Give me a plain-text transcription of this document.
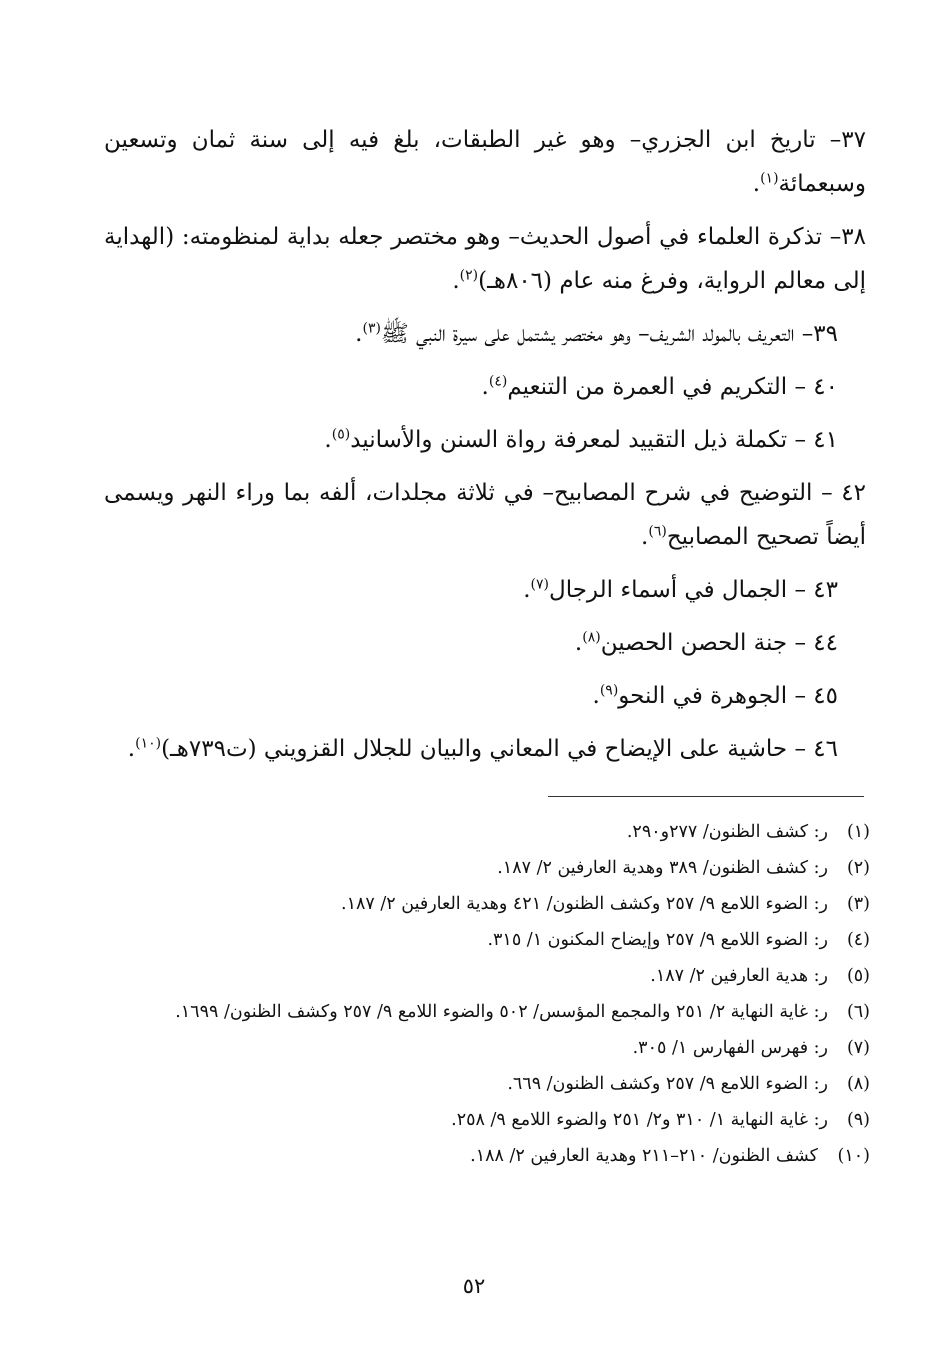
٣٧– تاريخ ابن الجزري– وهو غير الطبقات، بلغ فيه إلى سنة ثمان وتسعين وسبعمائة$^{(١)}$.

٣٨– تذكرة العلماء في أصول الحديث– وهو مختصر جعله بداية لمنظومته: (الهداية إلى معالم الرواية، وفرغ منه عام (٨٠٦هـ)$^{(٢)}$.

٣٩– التعريف بالمولد الشريف– وهو مختصر يشتمل على سيرة النبي ﷺ$^{(٣)}$.

٤٠ – التكريم في العمرة من التنعيم$^{(٤)}$.

٤١ – تكملة ذيل التقييد لمعرفة رواة السنن والأسانيد$^{(٥)}$.

٤٢ – التوضيح في شرح المصابيح– في ثلاثة مجلدات، ألفه بما وراء النهر ويسمى أيضاً تصحيح المصابيح$^{(٦)}$.

٤٣ – الجمال في أسماء الرجال$^{(٧)}$.

٤٤ – جنة الحصن الحصين$^{(٨)}$.

٤٥ – الجوهرة في النحو$^{(٩)}$.

٤٦ – حاشية على الإيضاح في المعاني والبيان للجلال القزويني (ت٧٣٩هـ)$^{(١٠)}$.

(١)
ر: كشف الظنون/ ٢٧٧و٢٩٠.
(٢)
ر: كشف الظنون/ ٣٨٩ وهدية العارفين ٢/ ١٨٧.
(٣)
ر: الضوء اللامع ٩/ ٢٥٧ وكشف الظنون/ ٤٢١ وهدية العارفين ٢/ ١٨٧.
(٤)
ر: الضوء اللامع ٩/ ٢٥٧ وإيضاح المكنون ١/ ٣١٥.
(٥)
ر: هدية العارفين ٢/ ١٨٧.
(٦)
ر: غاية النهاية ٢/ ٢٥١ والمجمع المؤسس/ ٥٠٢ والضوء اللامع ٩/ ٢٥٧ وكشف الظنون/ ١٦٩٩.
(٧)
ر: فهرس الفهارس ١/ ٣٠٥.
(٨)
ر: الضوء اللامع ٩/ ٢٥٧ وكشف الظنون/ ٦٦٩.
(٩)
ر: غاية النهاية ١/ ٣١٠ و٢/ ٢٥١ والضوء اللامع ٩/ ٢٥٨.
(١٠)
كشف الظنون/ ٢١٠–٢١١ وهدية العارفين ٢/ ١٨٨.
٥٢
